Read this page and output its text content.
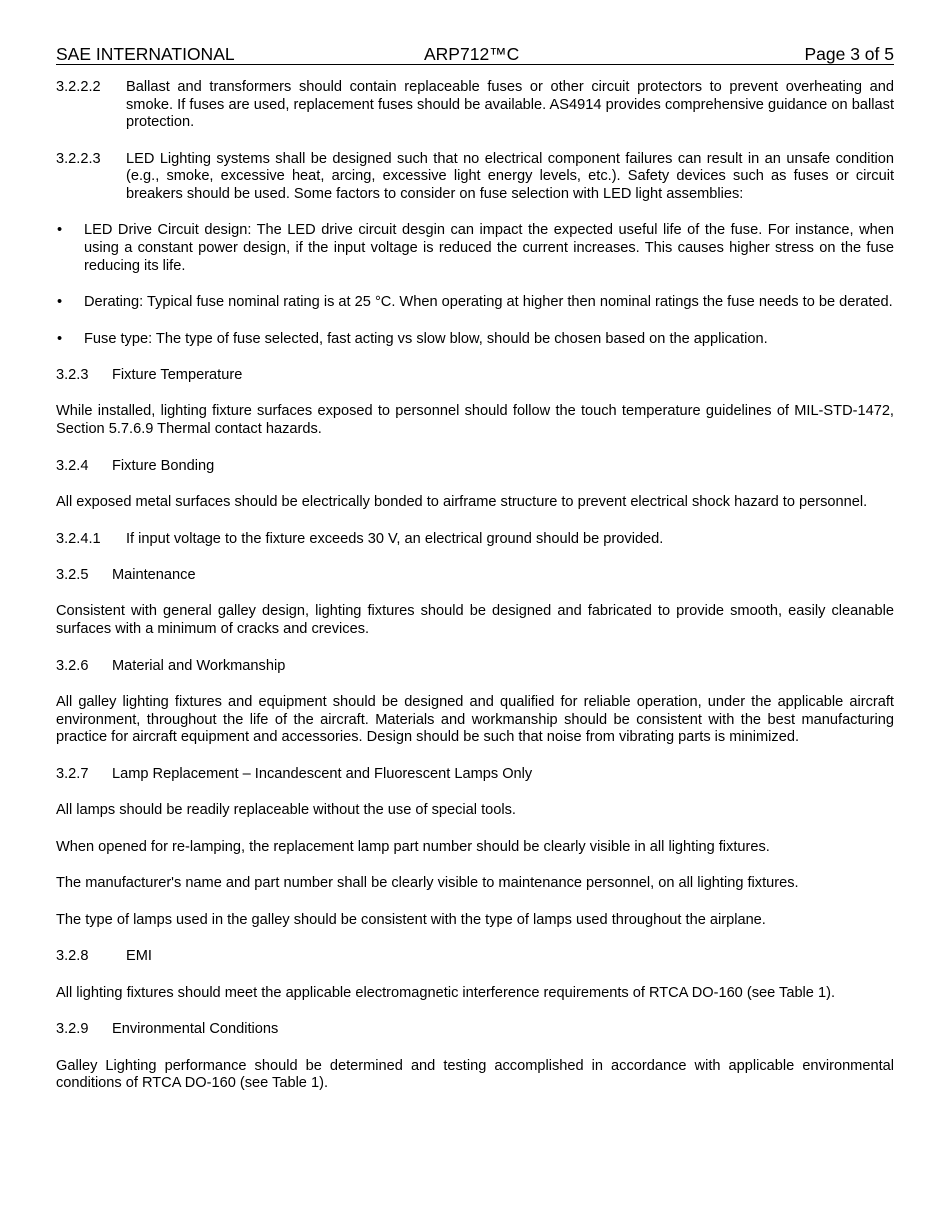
SAE INTERNATIONAL	ARP712™C	Page 3 of 5
3.2.2.2 Ballast and transformers should contain replaceable fuses or other circuit protectors to prevent overheating and smoke. If fuses are used, replacement fuses should be available. AS4914 provides comprehensive guidance on ballast protection.
3.2.2.3 LED Lighting systems shall be designed such that no electrical component failures can result in an unsafe condition (e.g., smoke, excessive heat, arcing, excessive light energy levels, etc.). Safety devices such as fuses or circuit breakers should be used. Some factors to consider on fuse selection with LED light assemblies:
• LED Drive Circuit design: The LED drive circuit desgin can impact the expected useful life of the fuse. For instance, when using a constant power design, if the input voltage is reduced the current increases. This causes higher stress on the fuse reducing its life.
• Derating: Typical fuse nominal rating is at 25 °C. When operating at higher then nominal ratings the fuse needs to be derated.
• Fuse type: The type of fuse selected, fast acting vs slow blow, should be chosen based on the application.
3.2.3 Fixture Temperature
While installed, lighting fixture surfaces exposed to personnel should follow the touch temperature guidelines of MIL-STD-1472, Section 5.7.6.9 Thermal contact hazards.
3.2.4 Fixture Bonding
All exposed metal surfaces should be electrically bonded to airframe structure to prevent electrical shock hazard to personnel.
3.2.4.1 If input voltage to the fixture exceeds 30 V, an electrical ground should be provided.
3.2.5 Maintenance
Consistent with general galley design, lighting fixtures should be designed and fabricated to provide smooth, easily cleanable surfaces with a minimum of cracks and crevices.
3.2.6 Material and Workmanship
All galley lighting fixtures and equipment should be designed and qualified for reliable operation, under the applicable aircraft environment, throughout the life of the aircraft. Materials and workmanship should be consistent with the best manufacturing practice for aircraft equipment and accessories. Design should be such that noise from vibrating parts is minimized.
3.2.7 Lamp Replacement – Incandescent and Fluorescent Lamps Only
All lamps should be readily replaceable without the use of special tools.
When opened for re-lamping, the replacement lamp part number should be clearly visible in all lighting fixtures.
The manufacturer's name and part number shall be clearly visible to maintenance personnel, on all lighting fixtures.
The type of lamps used in the galley should be consistent with the type of lamps used throughout the airplane.
3.2.8	EMI
All lighting fixtures should meet the applicable electromagnetic interference requirements of RTCA DO-160 (see Table 1).
3.2.9 Environmental Conditions
Galley Lighting performance should be determined and testing accomplished in accordance with applicable environmental conditions of RTCA DO-160 (see Table 1).
